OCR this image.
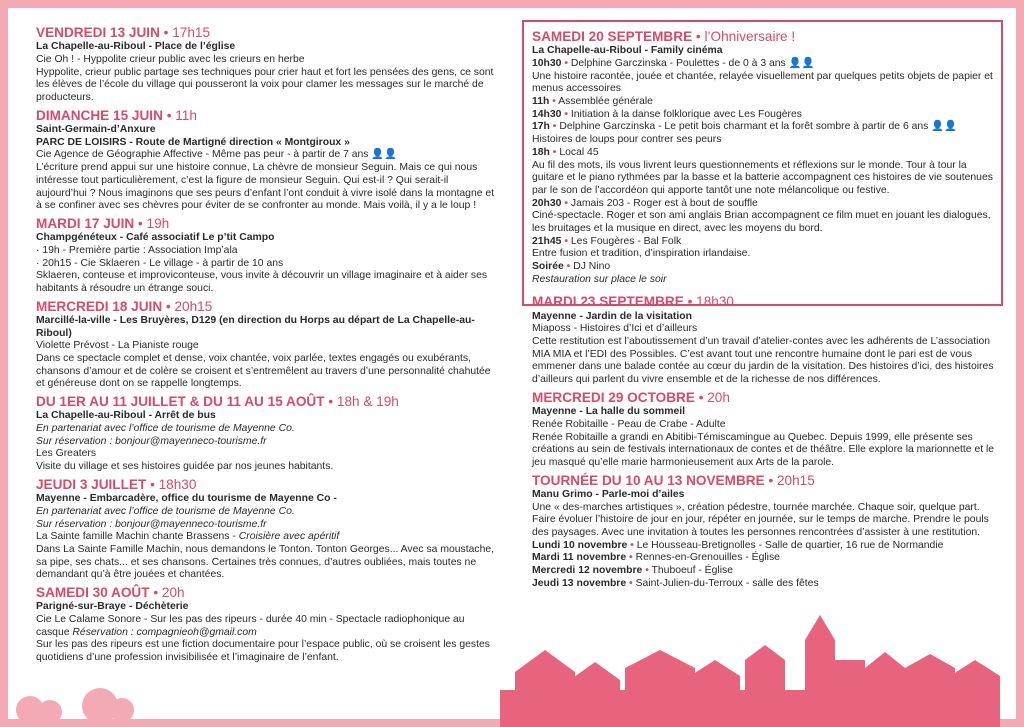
VENDREDI 13 JUIN • 17h15

La Chapelle-au-Riboul - Place de l’église

Cie Oh ! - Hyppolite crieur public avec les crieurs en herbe

Hyppolite, crieur public partage ses techniques pour crier haut et fort les pensées des gens, ce sont les élèves de l’école du village qui pousseront la voix pour clamer les messages sur le marché de producteurs.

DIMANCHE 15 JUIN • 11h

Saint-Germain-d’Anxure

PARC DE LOISIRS - Route de Martigné direction « Montgiroux »

Cie Agence de Géographie Affective - Même pas peur - à partir de 7 ans 👤👤

L’écriture prend appui sur une histoire connue, La chèvre de monsieur Seguin. Mais ce qui nous intéresse tout particulièrement, c’est la figure de monsieur Seguin. Qui est-il ? Qui serait-il aujourd’hui ? Nous imaginons que ses peurs d’enfant l’ont conduit à vivre isolé dans la montagne et à se confiner avec ses chèvres pour éviter de se confronter au monde. Mais voilà, il y a le loup !

MARDI 17 JUIN • 19h

Champgénéteux - Café associatif Le p’tit Campo

· 19h - Première partie : Association Imp’ala

· 20h15 - Cie Sklaeren - Le village - à partir de 10 ans

Sklaeren, conteuse et improviconteuse, vous invite à découvrir un village imaginaire et à aider ses habitants à résoudre un étrange souci.

MERCREDI 18 JUIN • 20h15

Marcillé-la-ville - Les Bruyères, D129 (en direction du Horps au départ de La Chapelle-au-Riboul)

Violette Prévost - La Pianiste rouge

Dans ce spectacle complet et dense, voix chantée, voix parlée, textes engagés ou exubérants, chansons d’amour et de colère se croisent et s’entremêlent au travers d’une personnalité chahutée et généreuse dont on se rappelle longtemps.

DU 1ER AU 11 JUILLET & DU 11 AU 15 AOÛT • 18h & 19h

La Chapelle-au-Riboul - Arrêt de bus

En partenariat avec l’office de tourisme de Mayenne Co.

Sur réservation : bonjour@mayenneco-tourisme.fr

Les Greaters

Visite du village et ses histoires guidée par nos jeunes habitants.

JEUDI 3 JUILLET • 18h30

Mayenne - Embarcadère, office du tourisme de Mayenne Co -

En partenariat avec l’office de tourisme de Mayenne Co.

Sur réservation : bonjour@mayenneco-tourisme.fr

La Sainte famille Machin chante Brassens - Croisière avec apéritif

Dans La Sainte Famille Machin, nous demandons le Tonton. Tonton Georges... Avec sa moustache, sa pipe, ses chats... et ses chansons. Certaines très connues, d’autres oubliées, mais toutes ne demandant qu’à être jouées et chantées.

SAMEDI 30 AOÛT • 20h

Parigné-sur-Braye - Déchèterie

Cie Le Calame Sonore - Sur les pas des ripeurs - durée 40 min - Spectacle radiophonique au casque Réservation : compagnieoh@gmail.com

Sur les pas des ripeurs est une fiction documentaire pour l’espace public, où se croisent les gestes quotidiens d’une profession invisibilisée et l’imaginaire de l’enfant.

SAMEDI 20 SEPTEMBRE • l’Ohniversaire !

La Chapelle-au-Riboul - Family cinéma

10h30 • Delphine Garczinska - Poulettes - de 0 à 3 ans 👤👤

Une histoire racontée, jouée et chantée, relayée visuellement par quelques petits objets de papier et menus accessoires

11h • Assemblée générale

14h30 • Initiation à la danse folklorique avec Les Fougères

17h • Delphine Garczinska - Le petit bois charmant et la forêt sombre à partir de 6 ans 👤👤

Histoires de loups pour contrer ses peurs

18h • Local 45

Au fil des mots, ils vous livrent leurs questionnements et réflexions sur le monde. Tour à tour la guitare et le piano rythmées par la basse et la batterie accompagnent ces histoires de vie soutenues par le son de l’accordéon qui apporte tantôt une note mélancolique ou festive.

20h30 • Jamais 203 - Roger est à bout de souffle

Ciné-spectacle. Roger et son ami anglais Brian accompagnent ce film muet en jouant les dialogues, les bruitages et la musique en direct, avec les moyens du bord.

21h45 • Les Fougères - Bal Folk

Entre fusion et tradition, d’inspiration irlandaise.

Soirée • DJ Nino

Restauration sur place le soir

MARDI 23 SEPTEMBRE • 18h30

Mayenne - Jardin de la visitation

Miaposs - Histoires d’Ici et d’ailleurs

Cette restitution est l’aboutissement d’un travail d’atelier-contes avec les adhérents de L’association MIA MIA et l’EDI des Possibles. C’est avant tout une rencontre humaine dont le pari est de vous emmener dans une balade contée au cœur du jardin de la visitation. Des histoires d’ici, des histoires d’ailleurs qui parlent du vivre ensemble et de la richesse de nos différences.

MERCREDI 29 OCTOBRE • 20h

Mayenne - La halle du sommeil

Renée Robitaille - Peau de Crabe - Adulte

Renée Robitaille a grandi en Abitibi-Témiscamingue au Quebec. Depuis 1999, elle présente ses créations au sein de festivals internationaux de contes et de théâtre. Elle explore la marionnette et le jeu masqué qu’elle marie harmonieusement aux Arts de la parole.

TOURNÉE DU 10 AU 13 NOVEMBRE • 20h15

Manu Grimo - Parle-moi d’ailes

Une « des-marches artistiques », création pédestre, tournée marchée. Chaque soir, quelque part. Faire évoluer l’histoire de jour en jour, répéter en journée, sur le temps de marche. Prendre le pouls des paysages. Avec une invitation à toutes les personnes rencontrées d’assister à une restitution.

Lundi 10 novembre • Le Housseau-Bretignolles - Salle de quartier, 16 rue de Normandie

Mardi 11 novembre • Rennes-en-Grenouilles - Église

Mercredi 12 novembre • Thuboeuf - Église

Jeudi 13 novembre • Saint-Julien-du-Terroux - salle des fêtes
